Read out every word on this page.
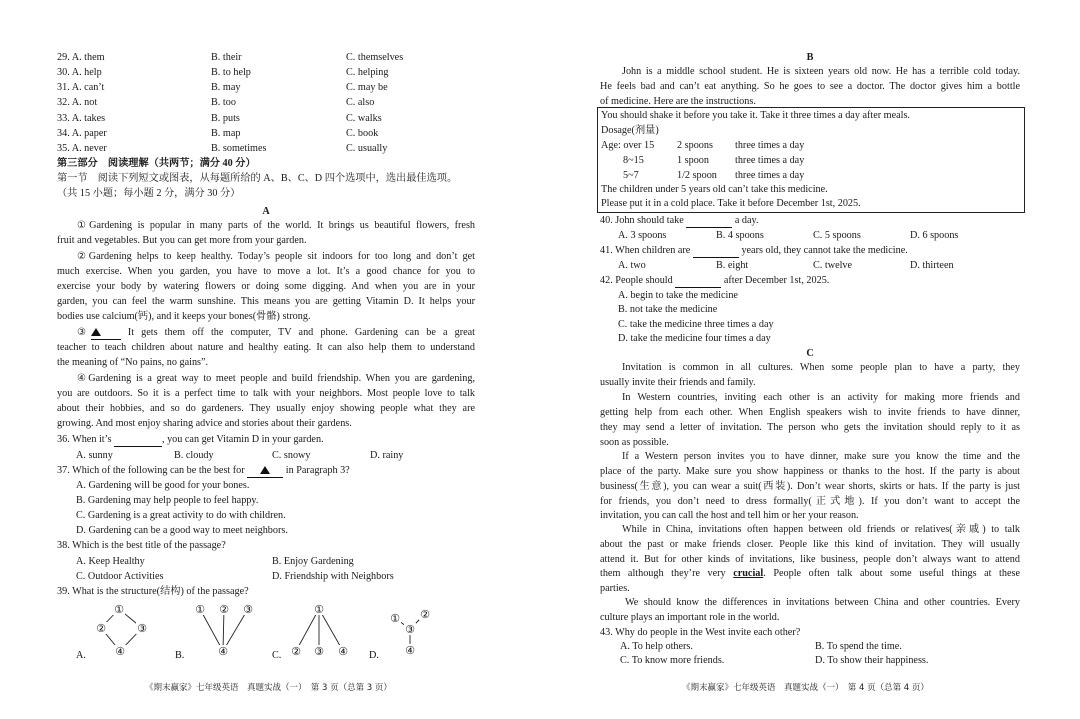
29. A. them	B. their	C. themselves
30. A. help	B. to help	C. helping
31. A. can’t	B. may	C. may be
32. A. not	B. too	C. also
33. A. takes	B. puts	C. walks
34. A. paper	B. map	C. book
35. A. never	B. sometimes	C. usually
第三部分　阅读理解（共两节；满分 40 分）
第一节　阅读下列短文或图表，从每题所给的 A、B、C、D 四个选项中，选出最佳选项。
（共 15 小题；每小题 2 分，满分 30 分）
A
①Gardening is popular in many parts of the world. It brings us beautiful flowers, fresh
fruit and vegetables. But you can get more from your garden.
②Gardening helps to keep healthy. Today’s people sit indoors for too long and don’t get
much exercise. When you garden, you have to move a lot. It’s a good chance for you to
exercise your body by watering flowers or doing some digging. And when you are in your
garden, you can feel the warm sunshine. This means you are getting Vitamin D. It helps your
bodies use calcium(钙), and it keeps your bones(骨骼) strong.
③	It gets them off the computer, TV and phone. Gardening can be a great
teacher to teach children about nature and healthy eating. It can also help them to understand
the meaning of “No pains, no gains”.
④Gardening is a great way to meet people and build friendship. When you are gardening,
you are outdoors. So it is a perfect time to talk with your neighbors. Most people love to talk
about their hobbies, and so do gardeners. They usually enjoy showing people what they are
growing. And most enjoy sharing advice and stories about their gardens.
36. When it’s	, you can get Vitamin D in your garden.
A. sunny	B. cloudy	C. snowy	D. rainy
37. Which of the following can be the best for	in Paragraph 3?
A. Gardening will be good for your bones.
B. Gardening may help people to feel happy.
C. Gardening is a great activity to do with children.
D. Gardening can be a good way to meet neighbors.
38. Which is the best title of the passage?
A. Keep Healthy	B. Enjoy Gardening
C. Outdoor Activities	D. Friendship with Neighbors
39. What is the structure(结构) of the passage?
①
②	③
④
① ② ③
④
①
② ③ ④
① ②
③
④
A.	B.	C.	D.
《期末赢家》七年级英语　真题实战（一）　第 3 页（总第 3 页）
B
John is a middle school student. He is sixteen years old now. He has a terrible cold today.
He feels bad and can’t eat anything. So he goes to see a doctor. The doctor gives him a bottle
of medicine. Here are the instructions.
You should shake it before you take it. Take it three times a day after meals.
Dosage(剂量)
Age: over 15 2 spoons three times a day
8~15	1 spoon	three times a day
5~7	1/2 spoon three times a day
The children under 5 years old can’t take this medicine.
Please put it in a cold place. Take it before December 1st, 2025.
40. John should take	a day.
A. 3 spoons	B. 4 spoons	C. 5 spoons	D. 6 spoons
41. When children are	years old, they cannot take the medicine.
A. two	B. eight	C. twelve	D. thirteen
42. People should	after December 1st, 2025.
A. begin to take the medicine
B. not take the medicine
C. take the medicine three times a day
D. take the medicine four times a day
C
Invitation is common in all cultures. When some people plan to have a party, they
usually invite their friends and family.
In Western countries, inviting each other is an activity for making more friends and
getting help from each other. When English speakers wish to invite friends to have dinner,
they may send a letter of invitation. The person who gets the invitation should reply to it as
soon as possible.
If a Western person invites you to have dinner, make sure you know the time and the
place of the party. Make sure you show happiness or thanks to the host. If the party is about
business(生意), you can wear a suit(西装). Don’t wear shorts, skirts or hats. If the party is just
for friends, you don’t need to dress formally(正式地). If you don’t want to accept the
invitation, you can call the host and tell him or her your reason.
While in China, invitations often happen between old friends or relatives(亲戚) to talk
about the past or make friends closer. People like this kind of invitation. They will usually
attend it. But for other kinds of invitations, like business, people don’t always want to attend
them although they’re very crucial. People often talk about some useful things at these
parties.
We should know the differences in invitations between China and other countries. Every
culture plays an important role in the world.
43. Why do people in the West invite each other?
A. To help others.	B. To spend the time.
C. To know more friends.	D. To show their happiness.
《期末赢家》七年级英语　真题实战（一）　第 4 页（总第 4 页）
